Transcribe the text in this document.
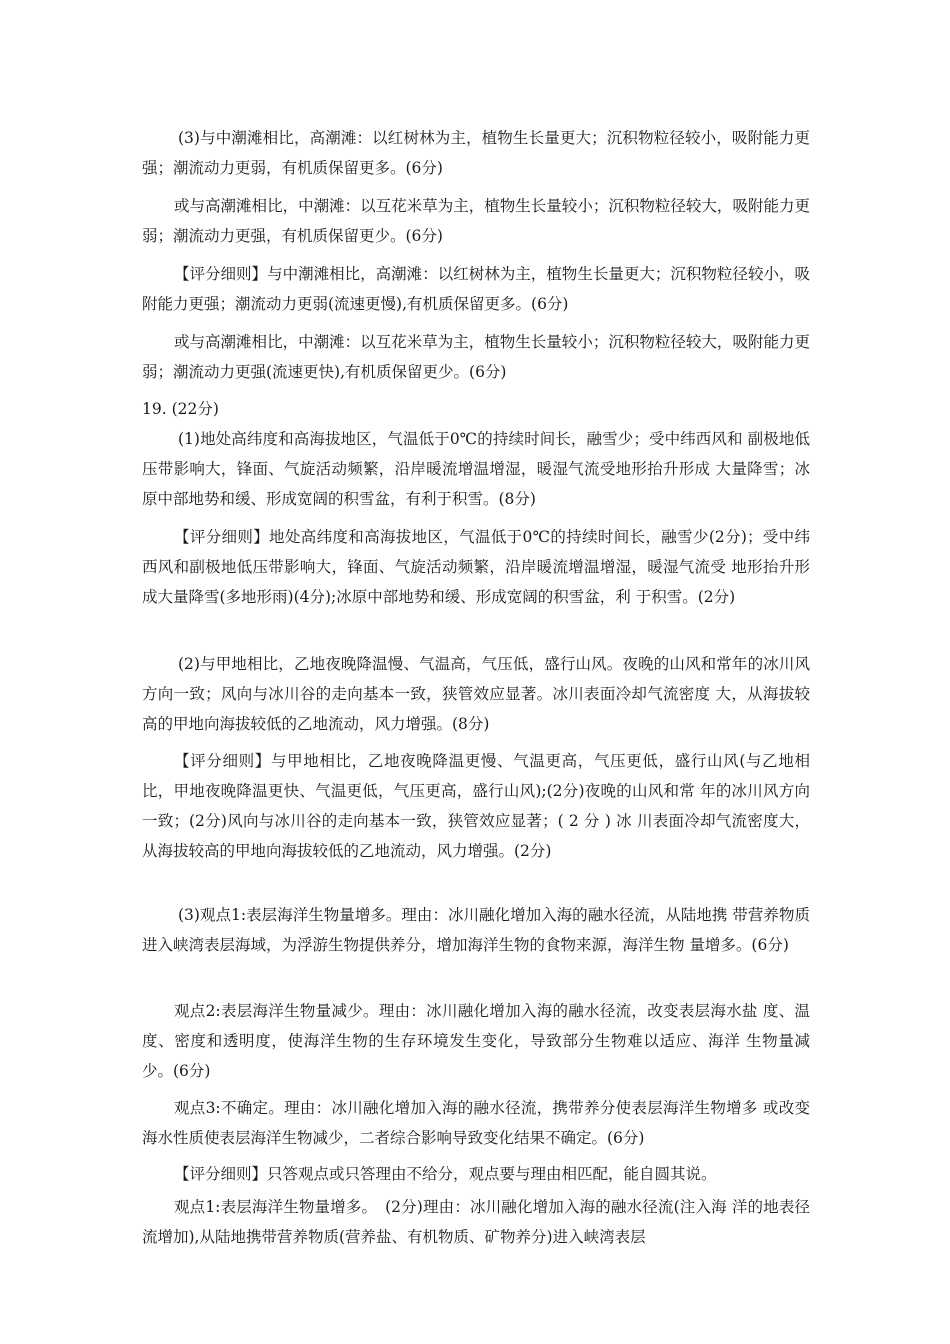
(3)与中潮滩相比，高潮滩：以红树林为主，植物生长量更大；沉积物粒径较小，吸附能力更强；潮流动力更弱，有机质保留更多。(6分)

或与高潮滩相比，中潮滩：以互花米草为主，植物生长量较小；沉积物粒径较大，吸附能力更弱；潮流动力更强，有机质保留更少。(6分)

【评分细则】与中潮滩相比，高潮滩：以红树林为主，植物生长量更大；沉积物粒径较小，吸附能力更强；潮流动力更弱(流速更慢),有机质保留更多。(6分)

或与高潮滩相比，中潮滩：以互花米草为主，植物生长量较小；沉积物粒径较大，吸附能力更弱；潮流动力更强(流速更快),有机质保留更少。(6分)

19. (22分)

(1)地处高纬度和高海拔地区，气温低于0℃的持续时间长，融雪少；受中纬西风和 副极地低压带影响大，锋面、气旋活动频繁，沿岸暖流增温增湿，暖湿气流受地形抬升形成 大量降雪；冰原中部地势和缓、形成宽阔的积雪盆，有利于积雪。(8分)

【评分细则】地处高纬度和高海拔地区，气温低于0℃的持续时间长，融雪少(2分)；受中纬西风和副极地低压带影响大，锋面、气旋活动频繁，沿岸暖流增温增湿，暖湿气流受 地形抬升形成大量降雪(多地形雨)(4分);冰原中部地势和缓、形成宽阔的积雪盆，利 于积雪。(2分)

(2)与甲地相比，乙地夜晚降温慢、气温高，气压低，盛行山风。夜晚的山风和常年的冰川风方向一致；风向与冰川谷的走向基本一致，狭管效应显著。冰川表面冷却气流密度 大，从海拔较高的甲地向海拔较低的乙地流动，风力增强。(8分)

【评分细则】与甲地相比，乙地夜晚降温更慢、气温更高，气压更低，盛行山风(与乙地相比，甲地夜晚降温更快、气温更低，气压更高，盛行山风);(2分)夜晚的山风和常 年的冰川风方向一致；(2分)风向与冰川谷的走向基本一致，狭管效应显著；( 2 分 ) 冰 川表面冷却气流密度大，从海拔较高的甲地向海拔较低的乙地流动，风力增强。(2分)

(3)观点1:表层海洋生物量增多。理由：冰川融化增加入海的融水径流，从陆地携 带营养物质进入峡湾表层海域，为浮游生物提供养分，增加海洋生物的食物来源，海洋生物 量增多。(6分)

观点2:表层海洋生物量减少。理由：冰川融化增加入海的融水径流，改变表层海水盐 度、温度、密度和透明度，使海洋生物的生存环境发生变化，导致部分生物难以适应、海洋 生物量减少。(6分)

观点3:不确定。理由：冰川融化增加入海的融水径流，携带养分使表层海洋生物增多 或改变海水性质使表层海洋生物减少，二者综合影响导致变化结果不确定。(6分)

【评分细则】只答观点或只答理由不给分，观点要与理由相匹配，能自圆其说。

观点1:表层海洋生物量增多。　(2分)理由：冰川融化增加入海的融水径流(注入海 洋的地表径流增加),从陆地携带营养物质(营养盐、有机物质、矿物养分)进入峡湾表层
